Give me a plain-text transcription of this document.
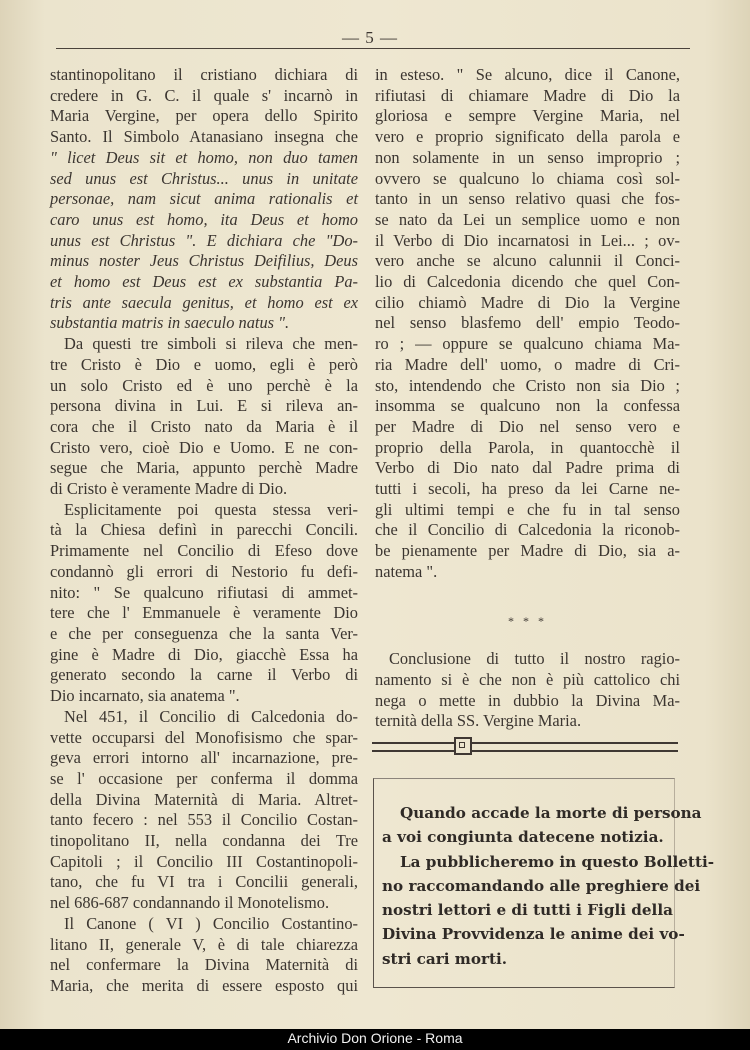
— 5 —

stantinopolitano il cristiano dichiara di
credere in G. C. il quale s' incarnò in
Maria Vergine, per opera dello Spirito
Santo. Il Simbolo Atanasiano insegna che
" licet Deus sit et homo, non duo tamen
sed unus est Christus... unus in unitate
personae, nam sicut anima rationalis et
caro unus est homo, ita Deus et homo
unus est Christus ". E dichiara che "Do-
minus noster Jeus Christus Deifilius, Deus
et homo est Deus est ex substantia Pa-
tris ante saecula genitus, et homo est ex
substantia matris in saeculo natus ".

Da questi tre simboli si rileva che men-
tre Cristo è Dio e uomo, egli è però
un solo Cristo ed è uno perchè è la
persona divina in Lui. E si rileva an-
cora che il Cristo nato da Maria è il
Cristo vero, cioè Dio e Uomo. E ne con-
segue che Maria, appunto perchè Madre
di Cristo è veramente Madre di Dio.

Esplicitamente poi questa stessa veri-
tà la Chiesa definì in parecchi Concili.
Primamente nel Concilio di Efeso dove
condannò gli errori di Nestorio fu defi-
nito: " Se qualcuno rifiutasi di ammet-
tere che l' Emmanuele è veramente Dio
e che per conseguenza che la santa Ver-
gine è Madre di Dio, giacchè Essa ha
generato secondo la carne il Verbo di
Dio incarnato, sia anatema ".

Nel 451, il Concilio di Calcedonia do-
vette occuparsi del Monofisismo che spar-
geva errori intorno all' incarnazione, pre-
se l' occasione per conferma il domma
della Divina Maternità di Maria. Altret-
tanto fecero : nel 553 il Concilio Costan-
tinopolitano II, nella condanna dei Tre
Capitoli ; il Concilio III Costantinopoli-
tano, che fu VI tra i Concilii generali,
nel 686-687 condannando il Monotelismo.

Il Canone ( VI ) Concilio Costantino-
litano II, generale V, è di tale chiarezza
nel confermare la Divina Maternità di
Maria, che merita di essere esposto qui

in esteso. " Se alcuno, dice il Canone,
rifiutasi di chiamare Madre di Dio la
gloriosa e sempre Vergine Maria, nel
vero e proprio significato della parola e
non solamente in un senso improprio ;
ovvero se qualcuno lo chiama così sol-
tanto in un senso relativo quasi che fos-
se nato da Lei un semplice uomo e non
il Verbo di Dio incarnatosi in Lei... ; ov-
vero anche se alcuno calunnii il Conci-
lio di Calcedonia dicendo che quel Con-
cilio chiamò Madre di Dio la Vergine
nel senso blasfemo dell' empio Teodo-
ro ; — oppure se qualcuno chiama Ma-
ria Madre dell' uomo, o madre di Cri-
sto, intendendo che Cristo non sia Dio ;
insomma se qualcuno non la confessa
per Madre di Dio nel senso vero e
proprio della Parola, in quantocchè il
Verbo di Dio nato dal Padre prima di
tutti i secoli, ha preso da lei Carne ne-
gli ultimi tempi e che fu in tal senso
che il Concilio di Calcedonia la riconob-
be pienamente per Madre di Dio, sia a-
natema ".

* * *

Conclusione di tutto il nostro ragio-
namento si è che non è più cattolico chi
nega o mette in dubbio la Divina Ma-
ternità della SS. Vergine Maria.

Quando accade la morte di persona
a voi congiunta datecene notizia.
La pubblicheremo in questo Bolletti-
no raccomandando alle preghiere dei
nostri lettori e di tutti i Figli della
Divina Provvidenza le anime dei vo-
stri cari morti.
Archivio Don Orione - Roma
